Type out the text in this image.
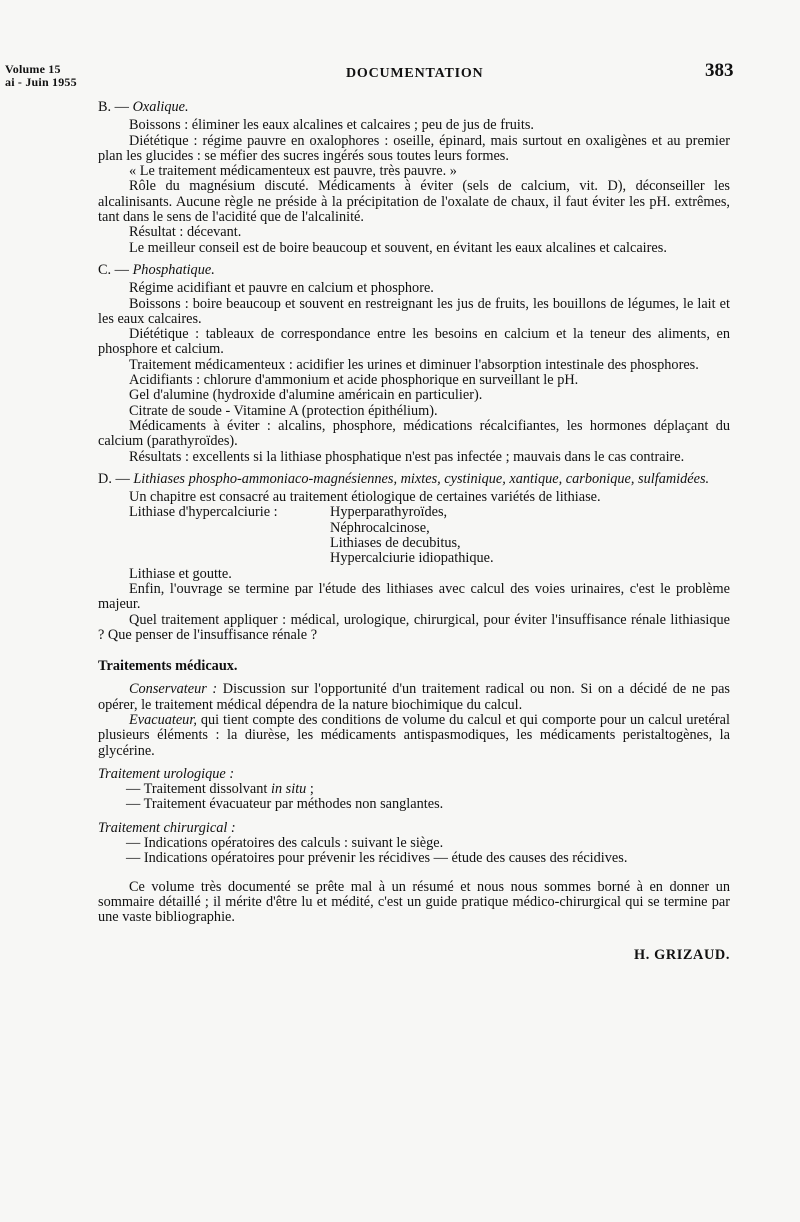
Volume 15
ai - Juin 1955
DOCUMENTATION	383

B. — Oxalique.

Boissons : éliminer les eaux alcalines et calcaires ; peu de jus de fruits.

Diététique : régime pauvre en oxalophores : oseille, épinard, mais surtout en oxaligènes et au premier plan les glucides : se méfier des sucres ingérés sous toutes leurs formes.

« Le traitement médicamenteux est pauvre, très pauvre. »

Rôle du magnésium discuté. Médicaments à éviter (sels de calcium, vit. D), déconseiller les alcalinisants. Aucune règle ne préside à la précipitation de l'oxalate de chaux, il faut éviter les pH. extrêmes, tant dans le sens de l'acidité que de l'alcalinité.

Résultat : décevant.

Le meilleur conseil est de boire beaucoup et souvent, en évitant les eaux alcalines et calcaires.

C. — Phosphatique.

Régime acidifiant et pauvre en calcium et phosphore.

Boissons : boire beaucoup et souvent en restreignant les jus de fruits, les bouillons de légumes, le lait et les eaux calcaires.

Diététique : tableaux de correspondance entre les besoins en calcium et la teneur des aliments, en phosphore et calcium.

Traitement médicamenteux : acidifier les urines et diminuer l'absorption intestinale des phosphores.

Acidifiants : chlorure d'ammonium et acide phosphorique en surveillant le pH.

Gel d'alumine (hydroxide d'alumine américain en particulier).

Citrate de soude - Vitamine A (protection épithélium).

Médicaments à éviter : alcalins, phosphore, médications récalcifiantes, les hormones déplaçant du calcium (parathyroïdes).

Résultats : excellents si la lithiase phosphatique n'est pas infectée ; mauvais dans le cas contraire.

D. — Lithiases phospho-ammoniaco-magnésiennes, mixtes, cystinique, xantique, carbonique, sulfamidées.

Un chapitre est consacré au traitement étiologique de certaines variétés de lithiase.

Lithiase d'hypercalciurie :	Hyperparathyroïdes,
Néphrocalcinose,
Lithiases de decubitus,
Hypercalciurie idiopathique.

Lithiase et goutte.

Enfin, l'ouvrage se termine par l'étude des lithiases avec calcul des voies urinaires, c'est le problème majeur.

Quel traitement appliquer : médical, urologique, chirurgical, pour éviter l'insuffisance rénale lithiasique ? Que penser de l'insuffisance rénale ?

Traitements médicaux.

Conservateur : Discussion sur l'opportunité d'un traitement radical ou non. Si on a décidé de ne pas opérer, le traitement médical dépendra de la nature biochimique du calcul.

Evacuateur, qui tient compte des conditions de volume du calcul et qui comporte pour un calcul uretéral plusieurs éléments : la diurèse, les médicaments antispasmodiques, les médicaments peristaltogènes, la glycérine.

Traitement urologique :

— Traitement dissolvant in situ ;

— Traitement évacuateur par méthodes non sanglantes.

Traitement chirurgical :

— Indications opératoires des calculs : suivant le siège.

— Indications opératoires pour prévenir les récidives — étude des causes des récidives.

Ce volume très documenté se prête mal à un résumé et nous nous sommes borné à en donner un sommaire détaillé ; il mérite d'être lu et médité, c'est un guide pratique médico-chirurgical qui se termine par une vaste bibliographie.

H. GRIZAUD.
